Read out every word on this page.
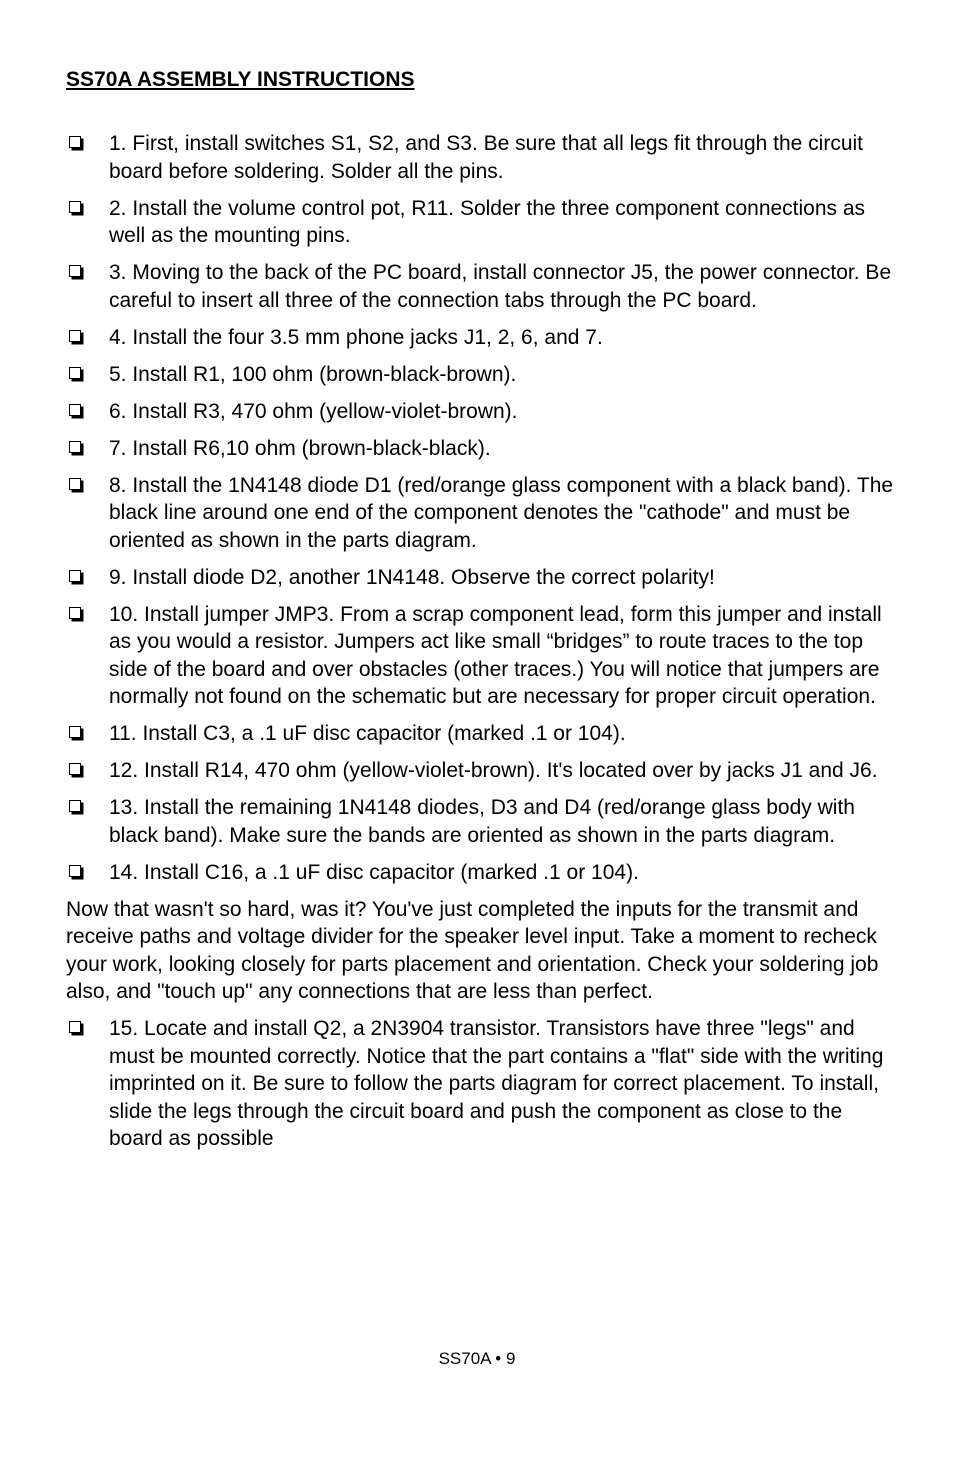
SS70A ASSEMBLY INSTRUCTIONS
1. First, install switches S1, S2, and S3. Be sure that all legs fit through the circuit board before soldering. Solder all the pins.
2. Install the volume control pot, R11. Solder the three component connections as well as the mounting pins.
3. Moving to the back of the PC board, install connector J5, the power connector. Be careful to insert all three of the connection tabs through the PC board.
4. Install the four 3.5 mm phone jacks J1, 2, 6, and 7.
5. Install R1, 100 ohm (brown-black-brown).
6. Install R3, 470 ohm (yellow-violet-brown).
7. Install R6,10 ohm (brown-black-black).
8. Install the 1N4148 diode D1 (red/orange glass component with a black band). The black line around one end of the component denotes the "cathode" and must be oriented as shown in the parts diagram.
9. Install diode D2, another 1N4148. Observe the correct polarity!
10. Install jumper JMP3. From a scrap component lead, form this jumper and install as you would a resistor. Jumpers act like small “bridges” to route traces to the top side of the board and over obstacles (other traces.) You will notice that jumpers are normally not found on the schematic but are necessary for proper circuit operation.
11. Install C3, a .1 uF disc capacitor (marked .1 or 104).
12. Install R14, 470 ohm (yellow-violet-brown). It's located over by jacks J1 and J6.
13. Install the remaining 1N4148 diodes, D3 and D4 (red/orange glass body with black band). Make sure the bands are oriented as shown in the parts diagram.
14. Install C16, a .1 uF disc capacitor (marked .1 or 104).

Now that wasn't so hard, was it? You've just completed the inputs for the transmit and receive paths and voltage divider for the speaker level input. Take a moment to recheck your work, looking closely for parts placement and orientation. Check your soldering job also, and "touch up" any connections that are less than perfect.

15. Locate and install Q2, a 2N3904 transistor. Transistors have three "legs" and must be mounted correctly. Notice that the part contains a "flat" side with the writing imprinted on it. Be sure to follow the parts diagram for correct placement. To install, slide the legs through the circuit board and push the component as close to the board as possible
SS70A • 9
